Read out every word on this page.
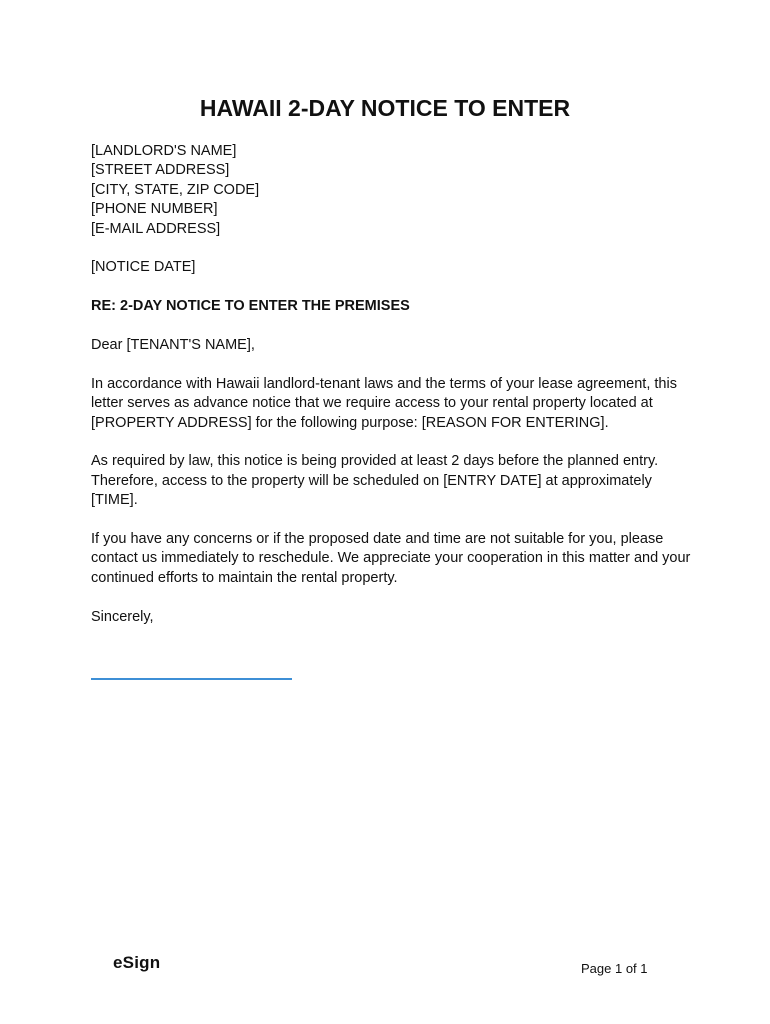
HAWAII 2-DAY NOTICE TO ENTER
[LANDLORD'S NAME]
[STREET ADDRESS]
[CITY, STATE, ZIP CODE]
[PHONE NUMBER]
[E-MAIL ADDRESS]

[NOTICE DATE]

RE: 2-DAY NOTICE TO ENTER THE PREMISES

Dear [TENANT'S NAME],

In accordance with Hawaii landlord-tenant laws and the terms of your lease agreement, this letter serves as advance notice that we require access to your rental property located at [PROPERTY ADDRESS] for the following purpose: [REASON FOR ENTERING].

As required by law, this notice is being provided at least 2 days before the planned entry. Therefore, access to the property will be scheduled on [ENTRY DATE] at approximately [TIME].

If you have any concerns or if the proposed date and time are not suitable for you, please contact us immediately to reschedule. We appreciate your cooperation in this matter and your continued efforts to maintain the rental property.

Sincerely,

eSign	Page 1 of 1
